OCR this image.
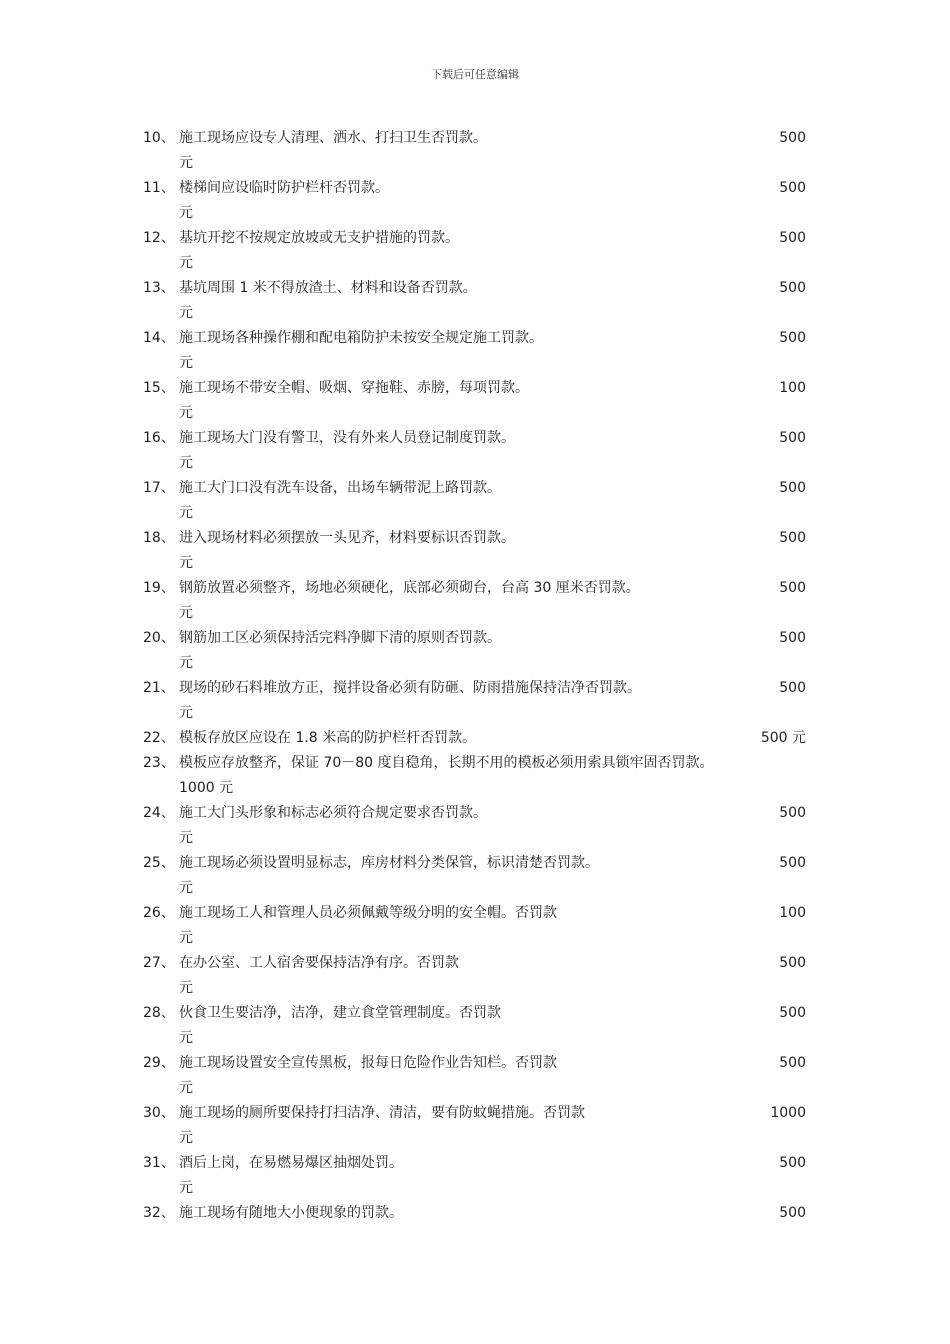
下载后可任意编辑
10、 施工现场应设专人清理、洒水、打扫卫生否罚款。	500
元
11、 楼梯间应设临时防护栏杆否罚款。	500
元
12、 基坑开挖不按规定放坡或无支护措施的罚款。	500
元
13、 基坑周围 1 米不得放渣土、材料和设备否罚款。	500
元
14、 施工现场各种操作棚和配电箱防护未按安全规定施工罚款。	500
元
15、 施工现场不带安全帽、吸烟、穿拖鞋、赤膀，每项罚款。	100
元
16、 施工现场大门没有警卫，没有外来人员登记制度罚款。	500
元
17、 施工大门口没有洗车设备，出场车辆带泥上路罚款。	500
元
18、 进入现场材料必须摆放一头见齐，材料要标识否罚款。	500
元
19、 钢筋放置必须整齐，场地必须硬化，底部必须砌台，台高 30 厘米否罚款。	500
元
20、 钢筋加工区必须保持活完料净脚下清的原则否罚款。	500
元
21、 现场的砂石料堆放方正，搅拌设备必须有防砸、防雨措施保持洁净否罚款。	500
元
22、 模板存放区应设在 1.8 米高的防护栏杆否罚款。	500 元
23、 模板应存放整齐，保证 70－80 度自稳角，长期不用的模板必须用索具锁牢固否罚款。
1000 元
24、 施工大门头形象和标志必须符合规定要求否罚款。	500
元
25、 施工现场必须设置明显标志，库房材料分类保管，标识清楚否罚款。	500
元
26、 施工现场工人和管理人员必须佩戴等级分明的安全帽。否罚款	100
元
27、 在办公室、工人宿舍要保持洁净有序。否罚款	500
元
28、 伙食卫生要洁净，洁净，建立食堂管理制度。否罚款	500
元
29、 施工现场设置安全宣传黑板，报每日危险作业告知栏。否罚款	500
元
30、 施工现场的厕所要保持打扫洁净、清洁，要有防蚊蝇措施。否罚款	1000
元
31、 酒后上岗，在易燃易爆区抽烟处罚。	500
元
32、 施工现场有随地大小便现象的罚款。	500
